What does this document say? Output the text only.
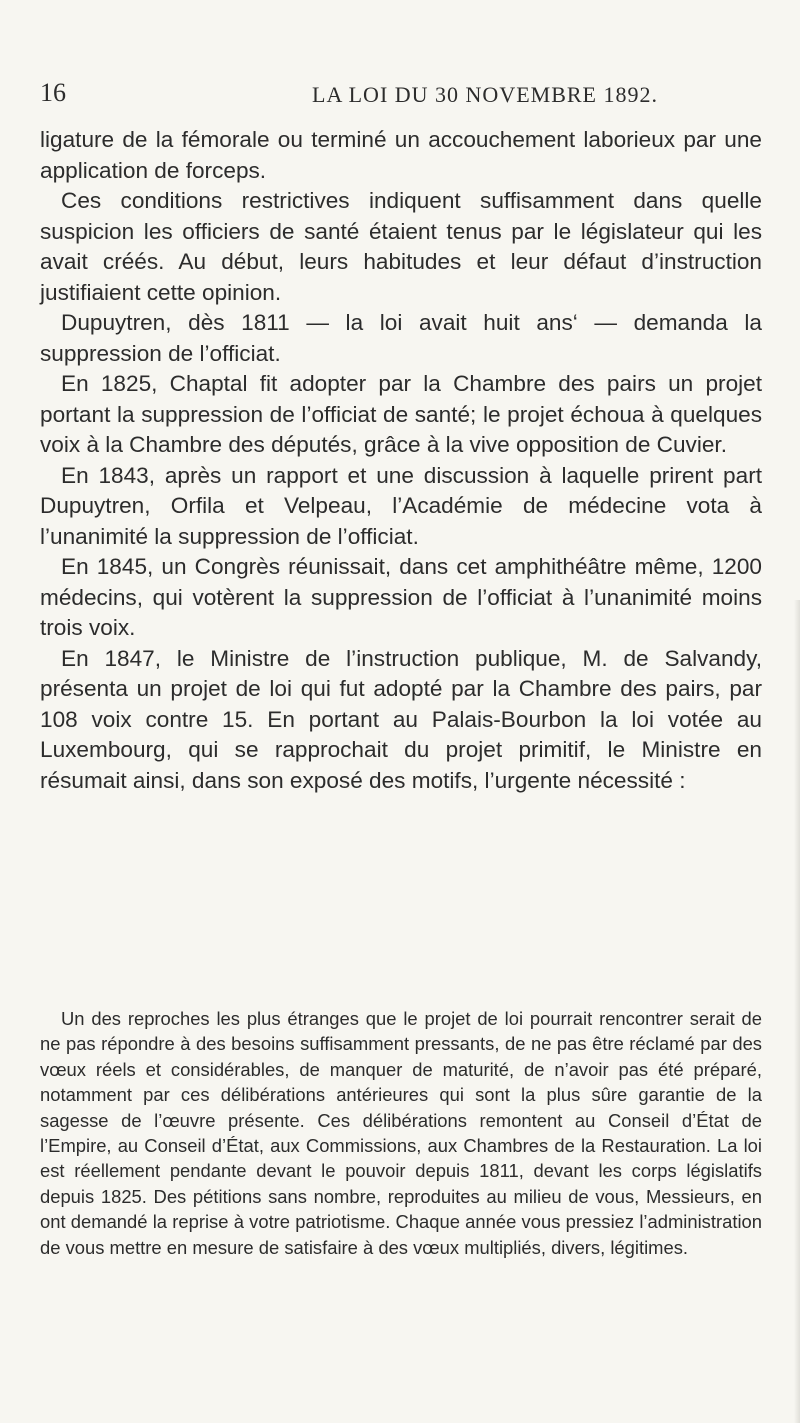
16	LA LOI DU 30 NOVEMBRE 1892.

ligature de la fémorale ou terminé un accouchement laborieux par une application de forceps.

Ces conditions restrictives indiquent suffisamment dans quelle suspicion les officiers de santé étaient tenus par le législateur qui les avait créés. Au début, leurs habitudes et leur défaut d’instruction justifiaient cette opinion.

Dupuytren, dès 1811 — la loi avait huit ans‘ — demanda la suppression de l’officiat.

En 1825, Chaptal fit adopter par la Chambre des pairs un projet portant la suppression de l’officiat de santé; le projet échoua à quelques voix à la Chambre des députés, grâce à la vive opposition de Cuvier.

En 1843, après un rapport et une discussion à laquelle prirent part Dupuytren, Orfila et Velpeau, l’Académie de médecine vota à l’unanimité la suppression de l’officiat.

En 1845, un Congrès réunissait, dans cet amphithéâtre même, 1200 médecins, qui votèrent la suppression de l’officiat à l’unanimité moins trois voix.

En 1847, le Ministre de l’instruction publique, M. de Salvandy, présenta un projet de loi qui fut adopté par la Chambre des pairs, par 108 voix contre 15. En portant au Palais-Bourbon la loi votée au Luxembourg, qui se rapprochait du projet primitif, le Ministre en résumait ainsi, dans son exposé des motifs, l’urgente nécessité :

Un des reproches les plus étranges que le projet de loi pourrait rencontrer serait de ne pas répondre à des besoins suffisamment pressants, de ne pas être réclamé par des vœux réels et considérables, de manquer de maturité, de n’avoir pas été préparé, notamment par ces délibérations antérieures qui sont la plus sûre garantie de la sagesse de l’œuvre présente. Ces délibérations remontent au Conseil d’État de l’Empire, au Conseil d’État, aux Commissions, aux Chambres de la Restauration. La loi est réellement pendante devant le pouvoir depuis 1811, devant les corps législatifs depuis 1825. Des pétitions sans nombre, reproduites au milieu de vous, Messieurs, en ont demandé la reprise à votre patriotisme. Chaque année vous pressiez l’administration de vous mettre en mesure de satisfaire à des vœux multipliés, divers, légitimes.
